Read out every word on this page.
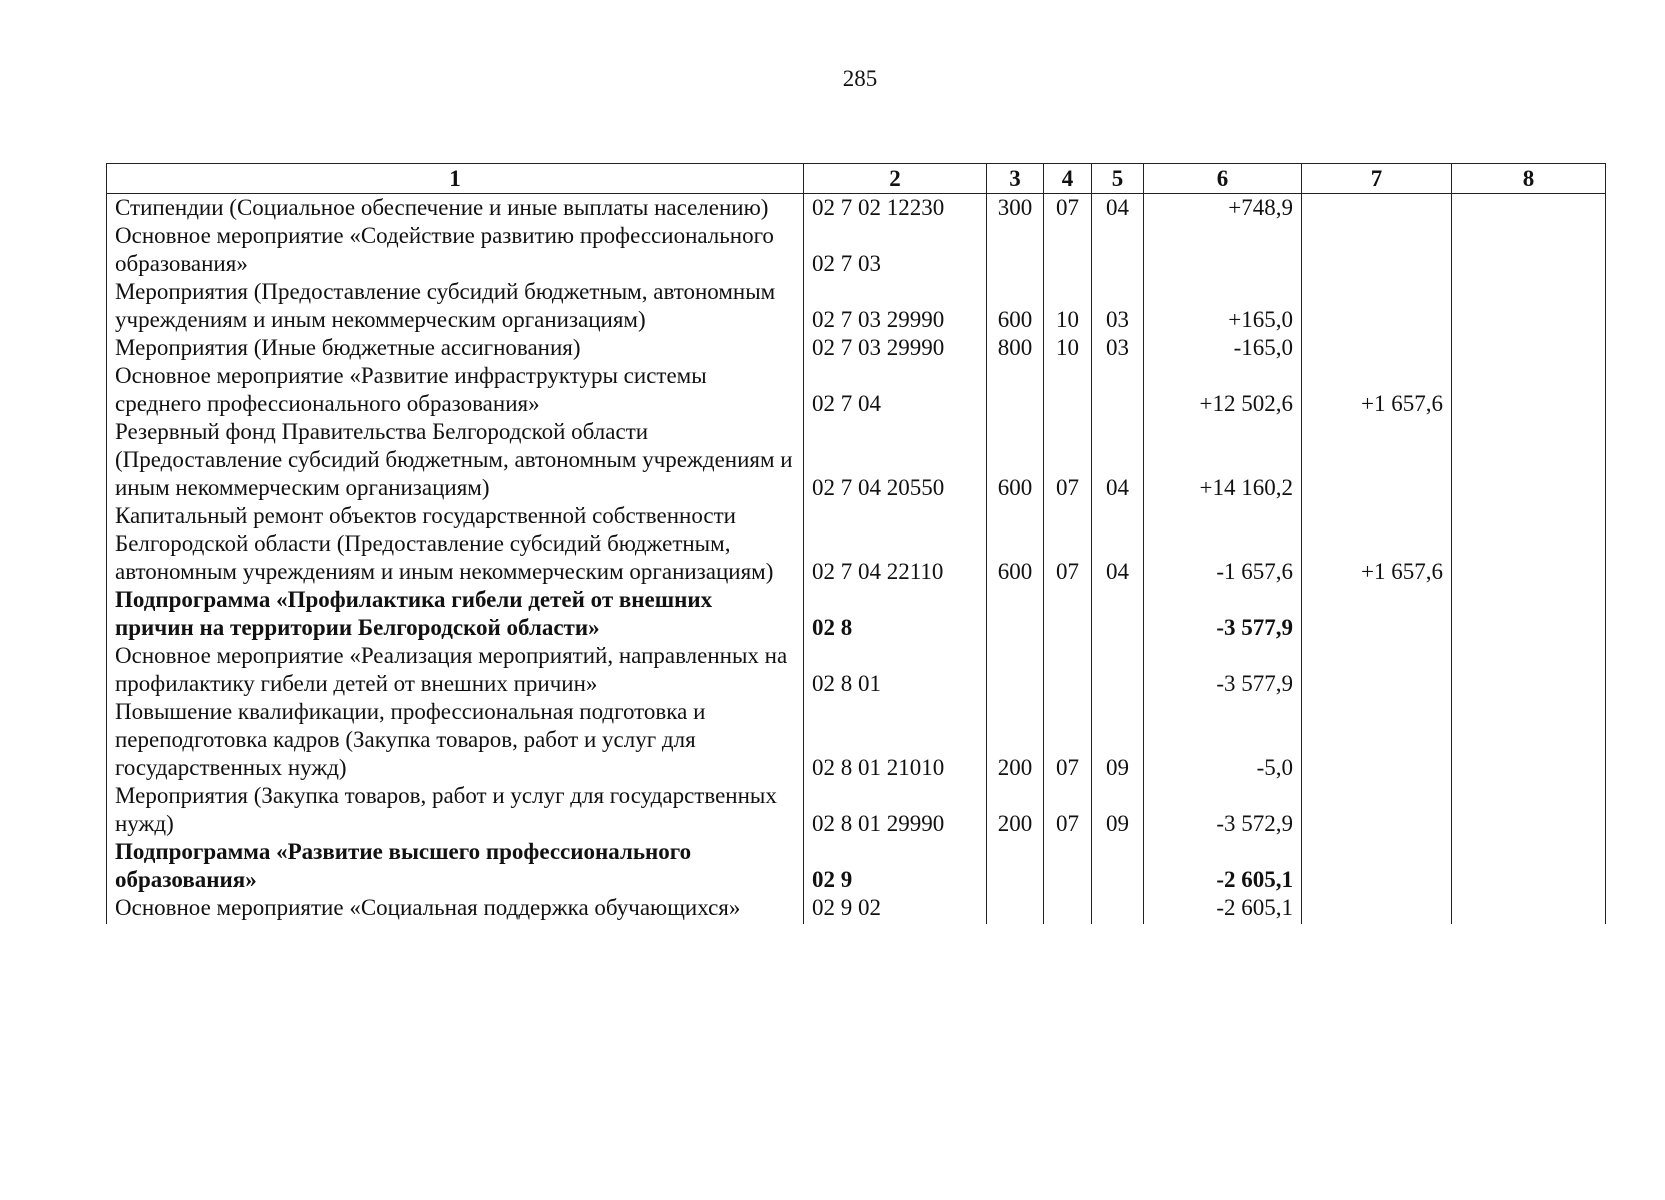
285
1	2	3	4	5	6	7	8
Стипендии (Социальное обеспечение и иные выплаты населению)	02 7 02 12230	300	07	04	+748,9		
Основное мероприятие «Содействие развитию профессионального образования»	02 7 03						
Мероприятия (Предоставление субсидий бюджетным, автономным учреждениям и иным некоммерческим организациям)	02 7 03 29990	600	10	03	+165,0		
Мероприятия (Иные бюджетные ассигнования)	02 7 03 29990	800	10	03	-165,0		
Основное мероприятие «Развитие инфраструктуры системы среднего профессионального образования»	02 7 04				+12 502,6	+1 657,6	
Резервный фонд Правительства Белгородской области (Предоставление субсидий бюджетным, автономным учреждениям и иным некоммерческим организациям)	02 7 04 20550	600	07	04	+14 160,2		
Капитальный ремонт объектов государственной собственности Белгородской области (Предоставление субсидий бюджетным, автономным учреждениям и иным некоммерческим организациям)	02 7 04 22110	600	07	04	-1 657,6	+1 657,6	
Подпрограмма «Профилактика гибели детей от внешних причин на территории Белгородской области»	02 8				-3 577,9		
Основное мероприятие «Реализация мероприятий, направленных на профилактику гибели детей от внешних причин»	02 8 01				-3 577,9		
Повышение квалификации, профессиональная подготовка и переподготовка кадров (Закупка товаров, работ и услуг для государственных нужд)	02 8 01 21010	200	07	09	-5,0		
Мероприятия (Закупка товаров, работ и услуг для государственных нужд)	02 8 01 29990	200	07	09	-3 572,9		
Подпрограмма «Развитие высшего профессионального образования»	02 9				-2 605,1		
Основное мероприятие «Социальная поддержка обучающихся»	02 9 02				-2 605,1		
